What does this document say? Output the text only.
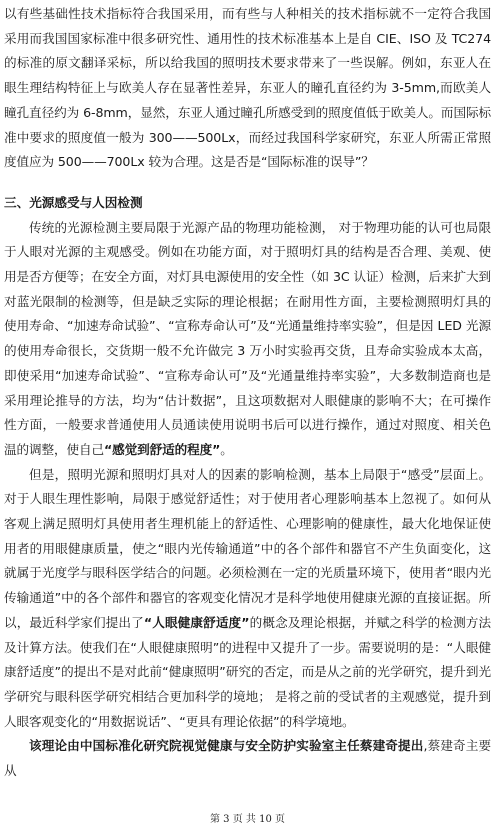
以有些基础性技术指标符合我国采用，而有些与人种相关的技术指标就不一定符合我国采用而我国国家标准中很多研究性、通用性的技术标准基本上是自 CIE、ISO 及 TC274 的标准的原文翻译采标，所以给我国的照明技术要求带来了一些误解。例如，东亚人在眼生理结构特征上与欧美人存在显著性差异，东亚人的瞳孔直径约为 3-5mm,而欧美人瞳孔直径约为 6-8mm，显然，东亚人通过瞳孔所感受到的照度值低于欧美人。而国际标准中要求的照度值一般为 300——500Lx，而经过我国科学家研究，东亚人所需正常照度值应为 500——700Lx 较为合理。这是否是“国际标准的误导”？

三、光源感受与人因检测

传统的光源检测主要局限于光源产品的物理功能检测， 对于物理功能的认可也局限于人眼对光源的主观感受。例如在功能方面，对于照明灯具的结构是否合理、美观、使用是否方便等；在安全方面，对灯具电源使用的安全性（如 3C 认证）检测，后来扩大到对蓝光限制的检测等，但是缺乏实际的理论根据；在耐用性方面，主要检测照明灯具的使用寿命、“加速寿命试验”、“宣称寿命认可”及“光通量维持率实验”，但是因 LED 光源的使用寿命很长，交货期一般不允许做完 3 万小时实验再交货，且寿命实验成本太高，即使采用“加速寿命试验”、“宣称寿命认可”及“光通量维持率实验”，大多数制造商也是采用理论推导的方法，均为“估计数据”，且这项数据对人眼健康的影响不大；在可操作性方面，一般要求普通使用人员通读使用说明书后可以进行操作，通过对照度、相关色温的调整，使自己“感觉到舒适的程度”。

但是，照明光源和照明灯具对人的因素的影响检测，基本上局限于“感受”层面上。对于人眼生理性影响，局限于感觉舒适性；对于使用者心理影响基本上忽视了。如何从客观上满足照明灯具使用者生理机能上的舒适性、心理影响的健康性，最大化地保证使用者的用眼健康质量，使之“眼内光传输通道”中的各个部件和器官不产生负面变化，这就属于光度学与眼科医学结合的问题。必须检测在一定的光质量环境下，使用者“眼内光传输通道”中的各个部件和器官的客观变化情况才是科学地使用健康光源的直接证据。所以，最近科学家们提出了“人眼健康舒适度”的概念及理论根据，并赋之科学的检测方法及计算方法。使我们在“人眼健康照明”的进程中又提升了一步。需要说明的是：“人眼健康舒适度”的提出不是对此前“健康照明”研究的否定，而是从之前的光学研究，提升到光学研究与眼科医学研究相结合更加科学的境地； 是将之前的受试者的主观感觉，提升到人眼客观变化的“用数据说话”、“更具有理论依据”的科学境地。

该理论由中国标准化研究院视觉健康与安全防护实验室主任蔡建奇提出,蔡建奇主要从

第 3 页 共 10 页
